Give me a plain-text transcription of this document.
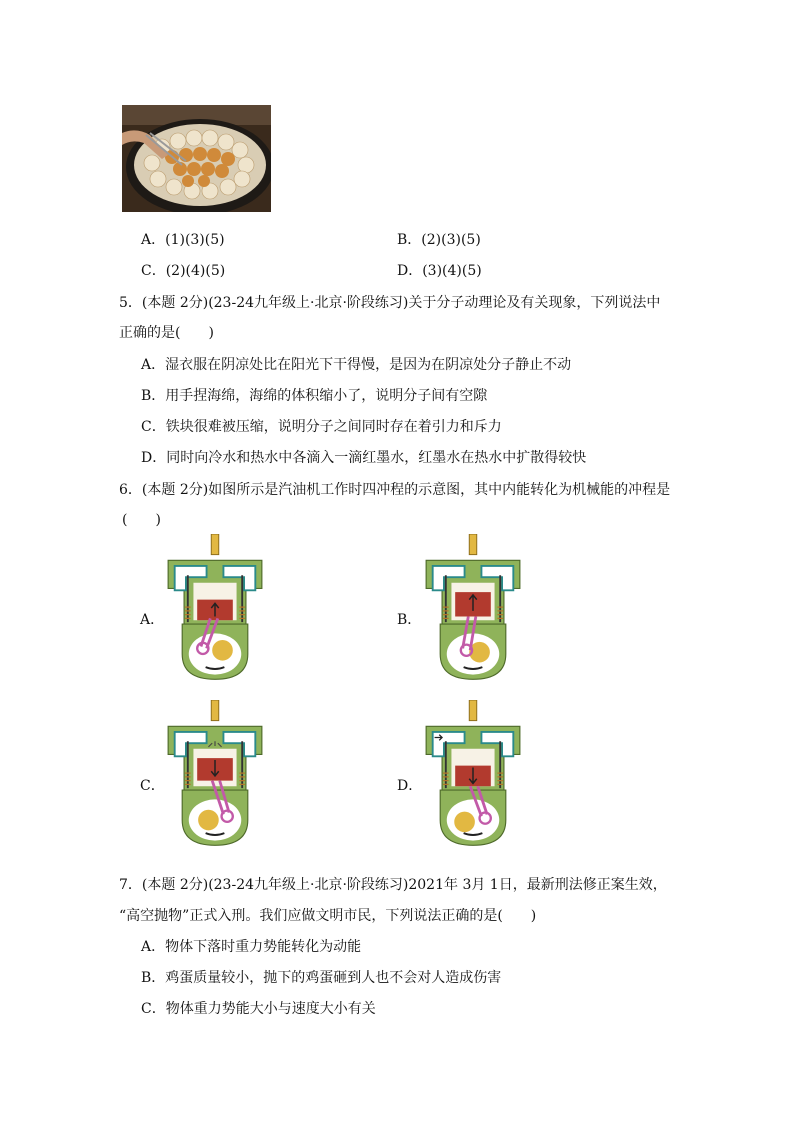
A．(1)(3)(5)	B．(2)(3)(5)
C．(2)(4)(5)	D．(3)(4)(5)
5．(本题 2分)(23-24九年级上·北京·阶段练习)关于分子动理论及有关现象，下列说法中
正确的是(　　)
A．湿衣服在阴凉处比在阳光下干得慢，是因为在阴凉处分子静止不动
B．用手捏海绵，海绵的体积缩小了，说明分子间有空隙
C．铁块很难被压缩，说明分子之间同时存在着引力和斥力
D．同时向冷水和热水中各滴入一滴红墨水，红墨水在热水中扩散得较快
6．(本题 2分)如图所示是汽油机工作时四冲程的示意图，其中内能转化为机械能的冲程是
(　　)
A．	B．
C．	D．
7．(本题 2分)(23-24九年级上·北京·阶段练习)2021年 3月 1日，最新刑法修正案生效，
“高空抛物”正式入刑。我们应做文明市民，下列说法正确的是(　　)
A．物体下落时重力势能转化为动能
B．鸡蛋质量较小，抛下的鸡蛋砸到人也不会对人造成伤害
C．物体重力势能大小与速度大小有关
